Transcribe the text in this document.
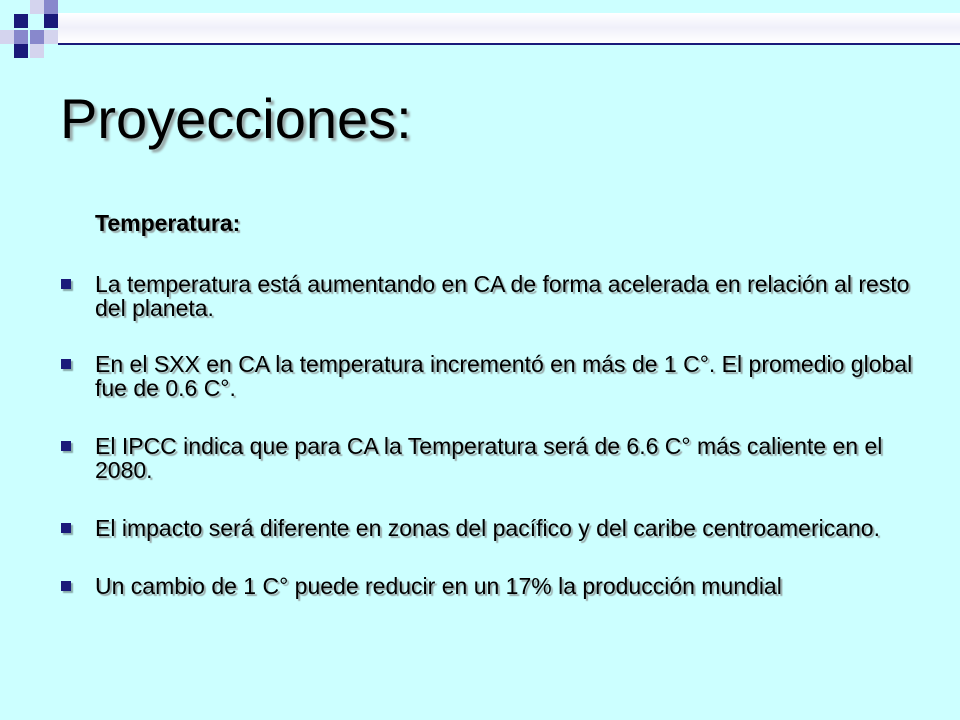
Proyecciones:
Temperatura:
La temperatura está aumentando en CA de forma acelerada en relación al resto del planeta.
En el SXX en CA la temperatura incrementó en más de 1 C°. El promedio global fue de 0.6 C°.
El IPCC indica que para CA la Temperatura será de 6.6 C° más caliente en el 2080.
El impacto será diferente en zonas del pacífico y del caribe centroamericano.
Un cambio de 1 C° puede reducir en un 17% la producción mundial
